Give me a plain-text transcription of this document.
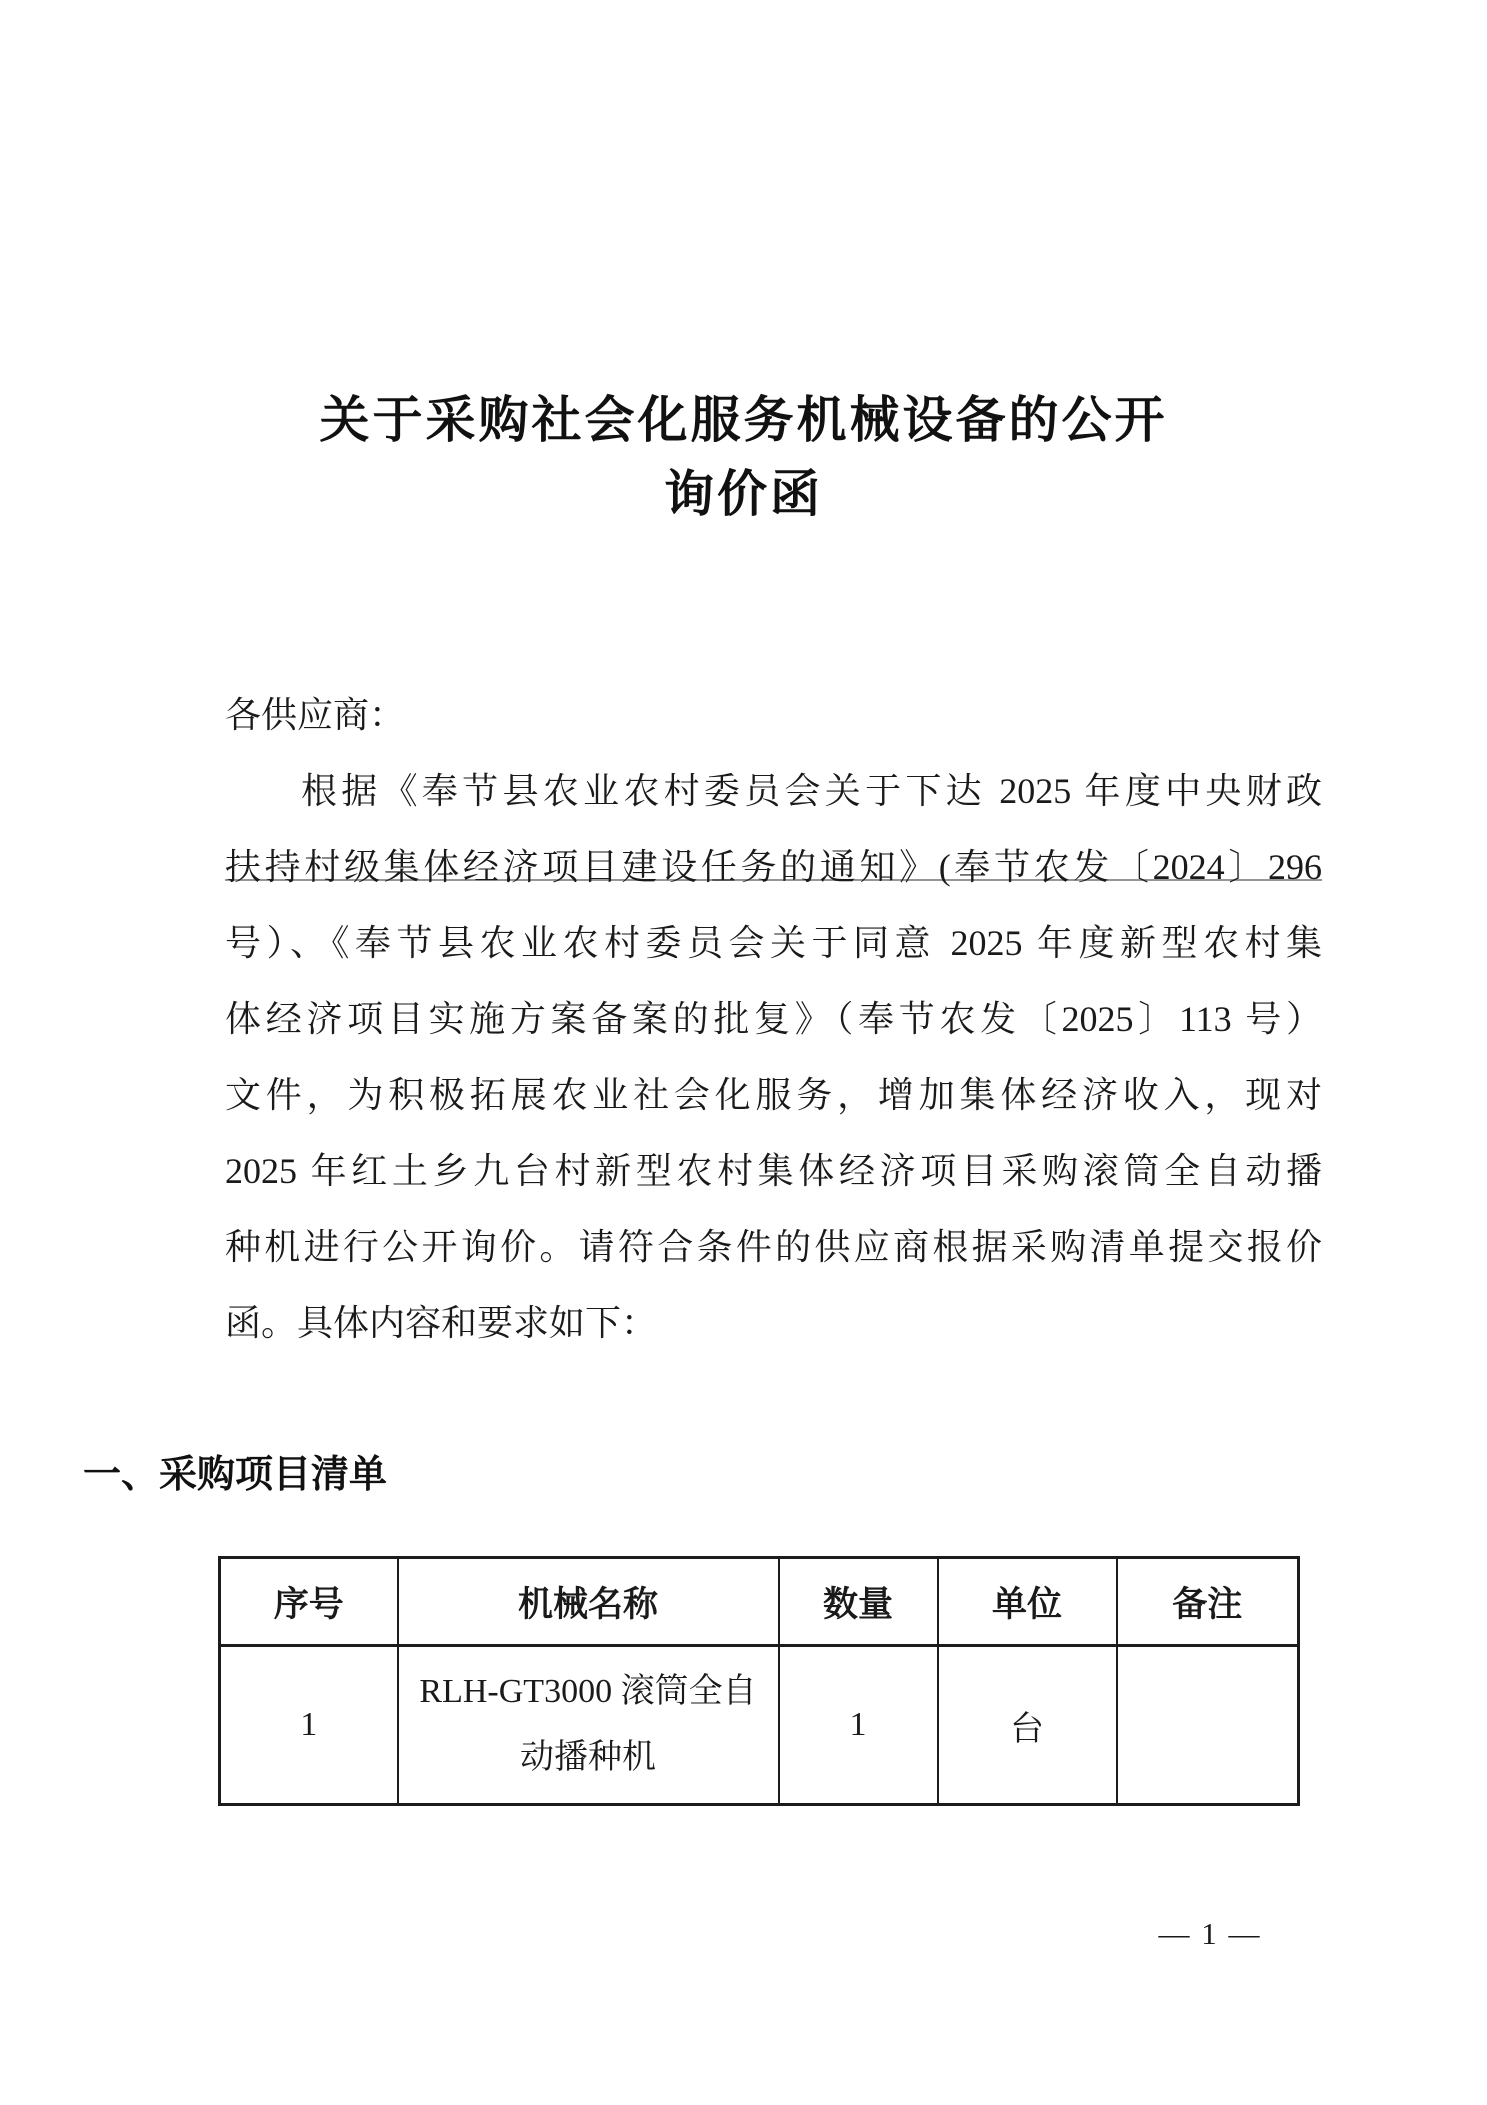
关于采购社会化服务机械设备的公开
询价函
各供应商：
根据《奉节县农业农村委员会关于下达 2025 年度中央财政
扶持村级集体经济项目建设任务的通知》(奉节农发〔2024〕296
号）、《奉节县农业农村委员会关于同意 2025 年度新型农村集
体经济项目实施方案备案的批复》（奉节农发〔2025〕113 号）
文件，为积极拓展农业社会化服务，增加集体经济收入，现对
2025 年红土乡九台村新型农村集体经济项目采购滚筒全自动播
种机进行公开询价。请符合条件的供应商根据采购清单提交报价
函。具体内容和要求如下：
一、采购项目清单
序号	机械名称	数量	单位	备注
1	RLH-GT3000 滚筒全自
动播种机	1	台	
— 1 —
